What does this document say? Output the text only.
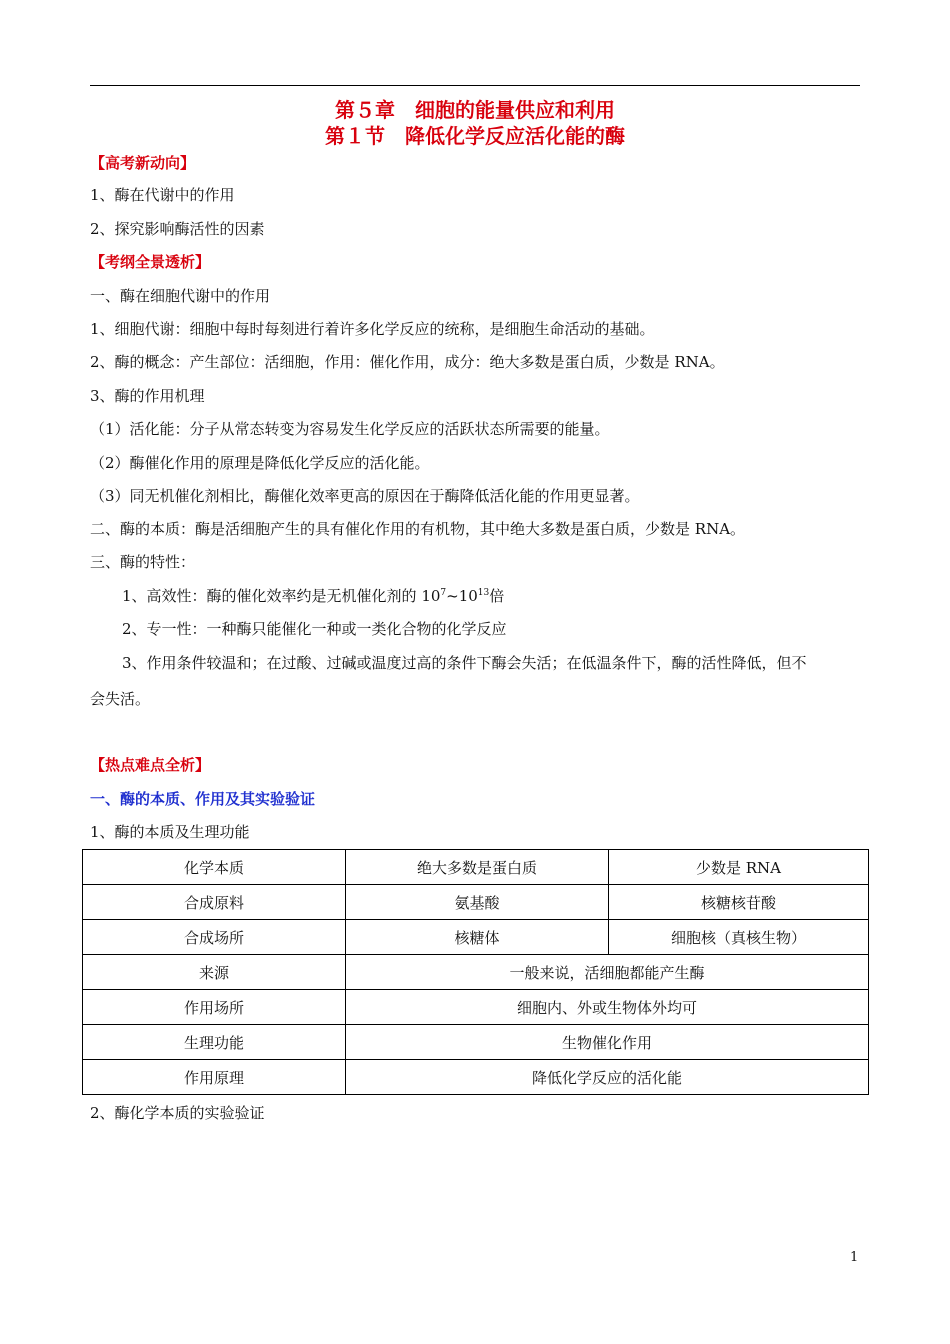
第５章　细胞的能量供应和利用
第１节　降低化学反应活化能的酶
【高考新动向】
1、酶在代谢中的作用
2、探究影响酶活性的因素
【考纲全景透析】
一、酶在细胞代谢中的作用
1、细胞代谢：细胞中每时每刻进行着许多化学反应的统称，是细胞生命活动的基础。
2、酶的概念：产生部位：活细胞，作用：催化作用，成分：绝大多数是蛋白质，少数是 RNA。
3、酶的作用机理
（1）活化能：分子从常态转变为容易发生化学反应的活跃状态所需要的能量。
（2）酶催化作用的原理是降低化学反应的活化能。
（3）同无机催化剂相比，酶催化效率更高的原因在于酶降低活化能的作用更显著。
二、酶的本质：酶是活细胞产生的具有催化作用的有机物，其中绝大多数是蛋白质，少数是 RNA。
三、酶的特性：
1、高效性：酶的催化效率约是无机催化剂的 $10^7\sim 10^{13}$倍
2、专一性：一种酶只能催化一种或一类化合物的化学反应
3、作用条件较温和；在过酸、过碱或温度过高的条件下酶会失活；在低温条件下，酶的活性降低，但不
会失活。
【热点难点全析】
一、酶的本质、作用及其实验验证
1、酶的本质及生理功能
化学本质	绝大多数是蛋白质	少数是 RNA
合成原料	氨基酸	核糖核苷酸
合成场所	核糖体	细胞核（真核生物）
来源	一般来说，活细胞都能产生酶	
作用场所	细胞内、外或生物体外均可	
生理功能	生物催化作用	
作用原理	降低化学反应的活化能	
2、酶化学本质的实验验证
1
